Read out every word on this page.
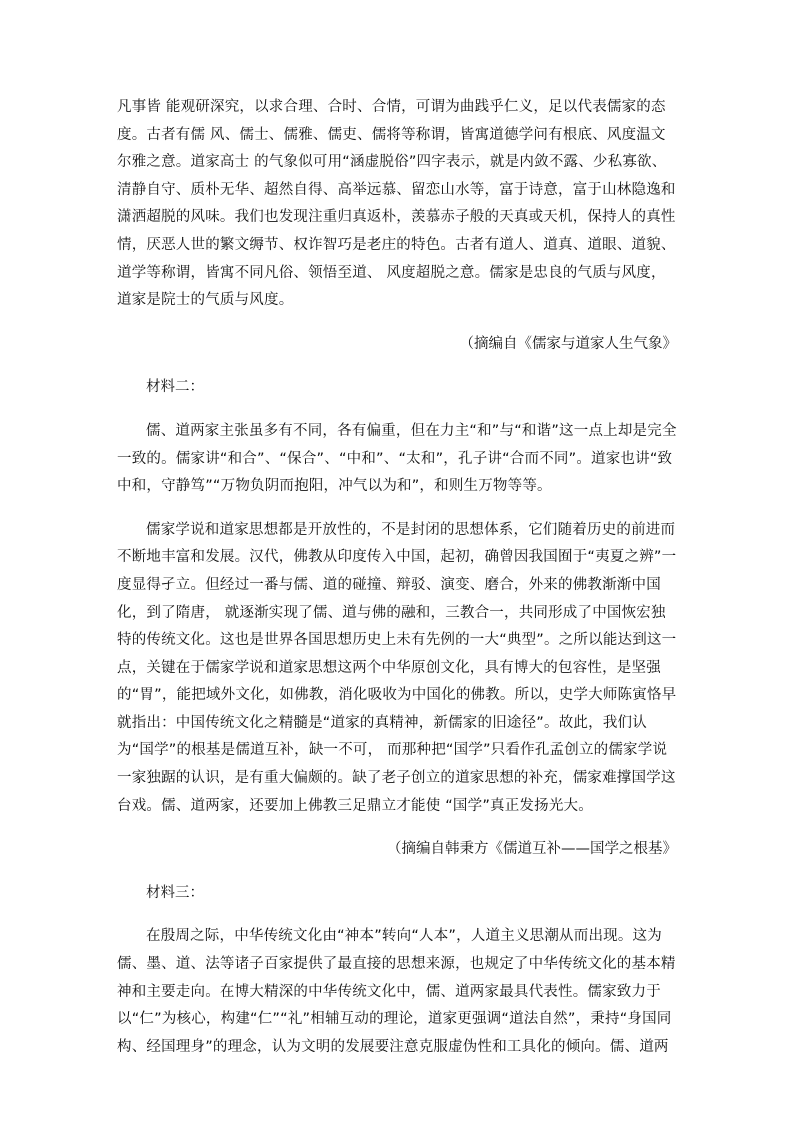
凡事皆 能观研深究，以求合理、合时、合情，可谓为曲践乎仁义，足以代表儒家的态度。古者有儒 风、儒士、儒雅、儒吏、儒将等称谓，皆寓道德学问有根底、风度温文尔雅之意。道家高士 的气象似可用“涵虚脱俗”四字表示，就是内敛不露、少私寡欲、清静自守、质朴无华、超然自得、高举远慕、留恋山水等，富于诗意，富于山林隐逸和潇洒超脱的风味。我们也发现注重归真返朴，羡慕赤子般的天真或天机，保持人的真性情，厌恶人世的繁文缛节、权诈智巧是老庄的特色。古者有道人、道真、道眼、道貌、道学等称谓，皆寓不同凡俗、领悟至道、 风度超脱之意。儒家是忠良的气质与风度，道家是院士的气质与风度。

（摘编自《儒家与道家人生气象》

材料二：

儒、道两家主张虽多有不同，各有偏重，但在力主“和”与“和谐”这一点上却是完全一致的。儒家讲“和合”、“保合”、“中和”、“太和”，孔子讲“合而不同”。道家也讲“致中和，守静笃”“万物负阴而抱阳，冲气以为和”，和则生万物等等。

儒家学说和道家思想都是开放性的，不是封闭的思想体系，它们随着历史的前进而不断地丰富和发展。汉代，佛教从印度传入中国，起初，确曾因我国囿于“夷夏之辨”一度显得孑立。但经过一番与儒、道的碰撞、辩驳、演变、磨合，外来的佛教渐渐中国化，到了隋唐， 就逐渐实现了儒、道与佛的融和，三教合一，共同形成了中国恢宏独特的传统文化。这也是世界各国思想历史上未有先例的一大“典型”。之所以能达到这一点，关键在于儒家学说和道家思想这两个中华原创文化，具有博大的包容性，是坚强的“胃”，能把域外文化，如佛教，消化吸收为中国化的佛教。所以，史学大师陈寅恪早就指出：中国传统文化之精髓是“道家的真精神，新儒家的旧途径”。故此，我们认为“国学”的根基是儒道互补，缺一不可， 而那种把“国学”只看作孔孟创立的儒家学说一家独踞的认识，是有重大偏颇的。缺了老子创立的道家思想的补充，儒家难撑国学这台戏。儒、道两家，还要加上佛教三足鼎立才能使 “国学”真正发扬光大。

（摘编自韩秉方《儒道互补——国学之根基》

材料三：

在殷周之际，中华传统文化由“神本”转向“人本”，人道主义思潮从而出现。这为儒、墨、道、法等诸子百家提供了最直接的思想来源，也规定了中华传统文化的基本精神和主要走向。在博大精深的中华传统文化中，儒、道两家最具代表性。儒家致力于以“仁”为核心，构建“仁”“礼”相辅互动的理论，道家更强调“道法自然”，秉持“身国同构、经国理身”的理念，认为文明的发展要注意克服虚伪性和工具化的倾向。儒、道两
